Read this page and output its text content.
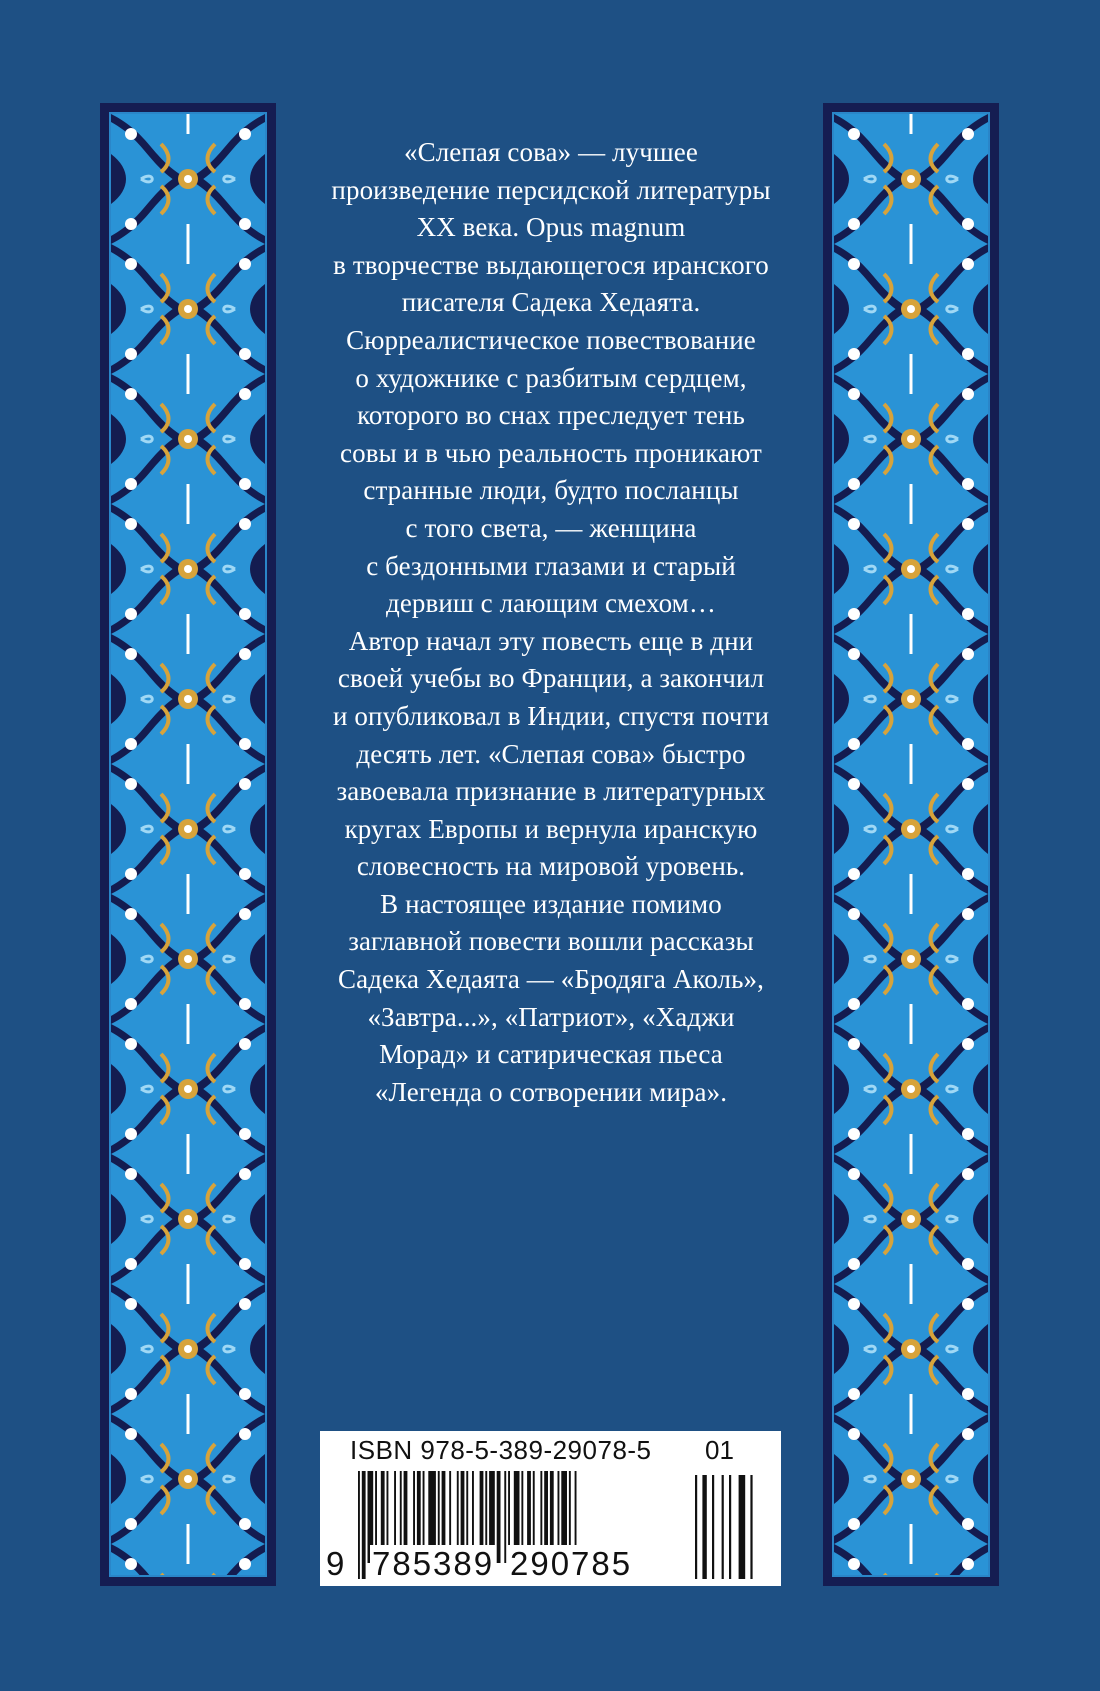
«Слепая сова» — лучшее
произведение персидской литературы
XX века. Opus magnum
в творчестве выдающегося иранского
писателя Садека Хедаята.
Сюрреалистическое повествование
о художнике с разбитым сердцем,
которого во снах преследует тень
совы и в чью реальность проникают
странные люди, будто посланцы
с того света, — женщина
с бездонными глазами и старый
дервиш с лающим смехом…
Автор начал эту повесть еще в дни
своей учебы во Франции, а закончил
и опубликовал в Индии, спустя почти
десять лет. «Слепая сова» быстро
завоевала признание в литературных
кругах Европы и вернула иранскую
словесность на мировой уровень.
В настоящее издание помимо
заглавной повести вошли рассказы
Садека Хедаята — «Бродяга Аколь»,
«Завтра...», «Патриот», «Хаджи
Морад» и сатирическая пьеса
«Легенда о сотворении мира».
ISBN 978-5-389-29078-5 01
9 785389 290785
